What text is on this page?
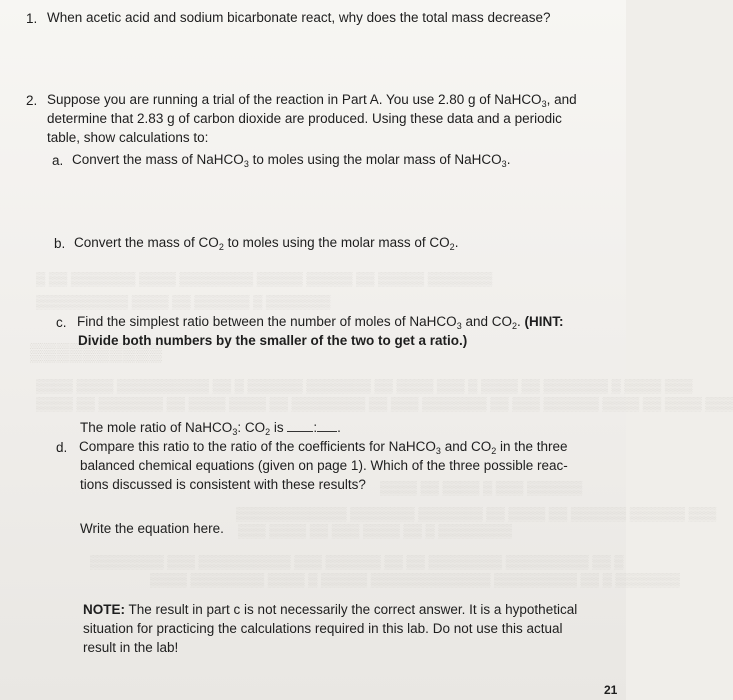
▒ ▒▒ ▒▒▒▒▒▒▒ ▒▒▒▒ ▒▒▒▒▒▒▒▒ ▒▒▒▒▒ ▒▒▒▒▒ ▒▒ ▒▒▒▒▒ ▒▒▒▒▒▒▒
▒▒▒▒▒▒▒▒▒▒ ▒▒▒▒ ▒▒ ▒▒▒▒▒▒ ▒ ▒▒▒▒▒▒▒
▒▒▒▒▒▒▒▒▒▒
▒▒▒▒ ▒▒▒▒ ▒▒▒▒▒▒▒▒▒▒ ▒▒ ▒ ▒▒▒▒▒▒ ▒▒▒▒▒▒▒ ▒▒ ▒▒▒▒ ▒▒▒ ▒ ▒▒▒▒ ▒▒ ▒▒▒▒▒▒▒ ▒ ▒▒▒▒ ▒▒▒
▒▒▒▒ ▒▒ ▒▒▒▒▒▒▒ ▒▒ ▒▒▒▒ ▒▒▒▒ ▒▒ ▒▒▒▒▒▒▒▒ ▒▒ ▒▒▒ ▒▒▒▒▒▒▒ ▒▒ ▒▒▒ ▒▒▒▒▒▒ ▒▒▒▒ ▒▒ ▒▒▒▒ ▒▒▒
▒▒▒▒ ▒▒ ▒▒▒▒ ▒ ▒▒▒ ▒▒▒▒▒▒
▒▒▒▒▒▒▒▒▒▒▒▒ ▒▒▒▒▒▒▒ ▒▒▒▒▒▒▒ ▒▒ ▒▒▒▒ ▒▒ ▒▒▒▒▒▒ ▒▒▒▒▒▒ ▒▒▒
▒▒▒ ▒▒▒▒ ▒▒ ▒▒▒ ▒▒▒▒ ▒▒ ▒ ▒▒▒▒▒▒▒▒
▒▒▒▒▒▒▒▒ ▒▒▒ ▒▒▒▒▒▒▒▒▒▒ ▒▒▒ ▒▒▒▒▒▒ ▒▒ ▒▒ ▒▒▒▒▒▒▒▒ ▒▒▒▒▒▒▒▒▒ ▒▒ ▒
▒▒▒▒ ▒▒▒▒▒▒▒▒ ▒▒▒▒ ▒ ▒▒▒▒▒ ▒▒▒▒▒▒▒▒▒▒▒▒▒ ▒▒▒▒▒▒▒▒▒ ▒▒ ▒ ▒▒▒▒▒▒▒
1. When acetic acid and sodium bicarbonate react, why does the total mass decrease?
2. Suppose you are running a trial of the reaction in Part A. You use 2.80 g of NaHCO$_3$, and
determine that 2.83 g of carbon dioxide are produced. Using these data and a periodic
table, show calculations to:
a. Convert the mass of NaHCO$_3$ to moles using the molar mass of NaHCO$_3$.
b. Convert the mass of $CO_2$ to moles using the molar mass of $CO_2$.
c. Find the simplest ratio between the number of moles of NaHCO$_3$ and $CO_2$. (HINT:
Divide both numbers by the smaller of the two to get a ratio.)
The mole ratio of NaHCO$_3$: $CO_2$ is : .
d. Compare this ratio to the ratio of the coefficients for NaHCO$_3$ and $CO_2$ in the three
balanced chemical equations (given on page 1). Which of the three possible reac-
tions discussed is consistent with these results?
Write the equation here.
NOTE: The result in part c is not necessarily the correct answer. It is a hypothetical
situation for practicing the calculations required in this lab. Do not use this actual
result in the lab!
21
